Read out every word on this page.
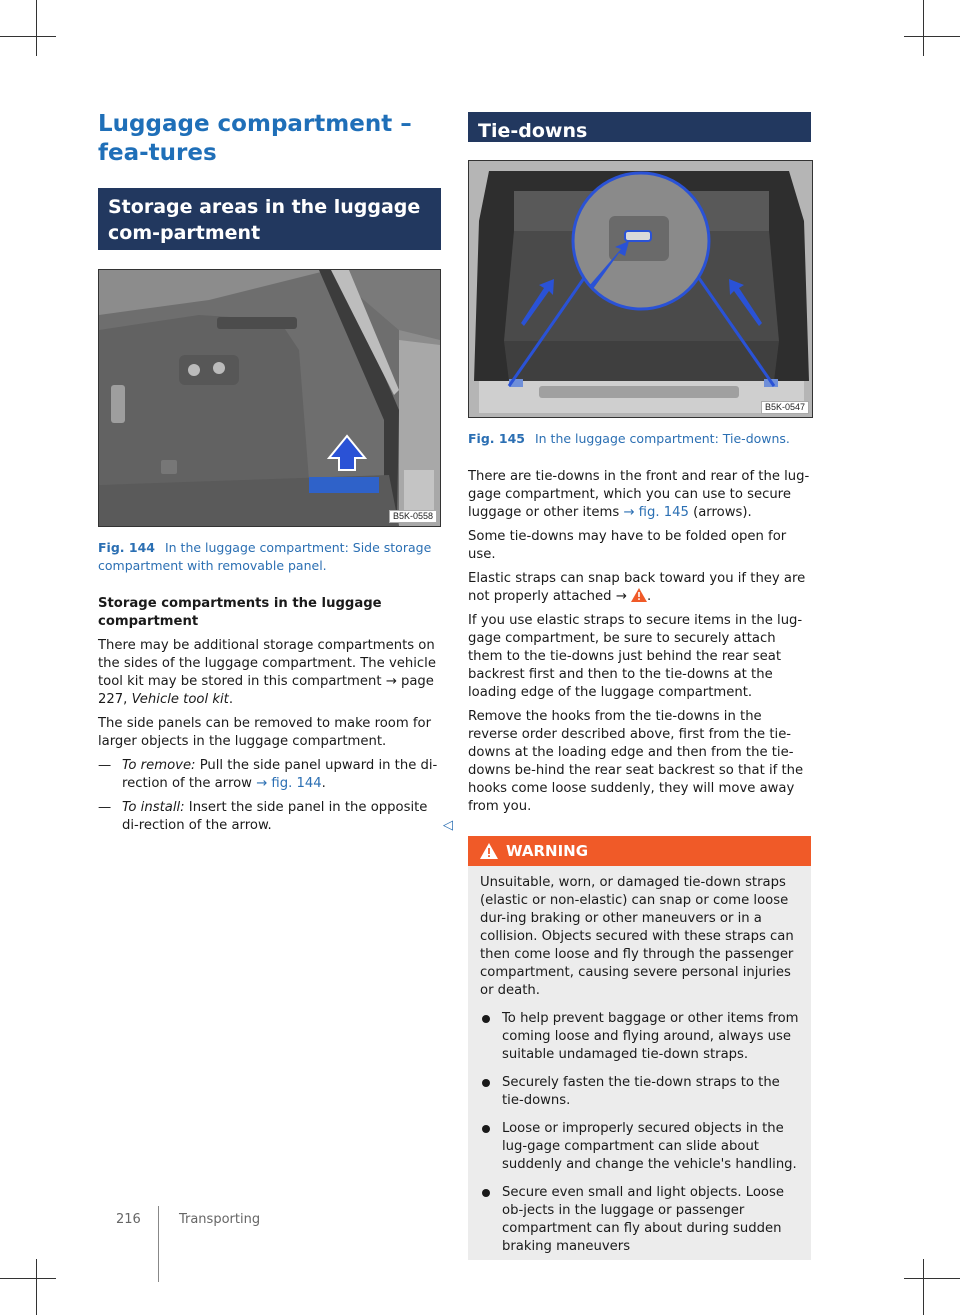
Luggage compartment – fea-tures
Storage areas in the luggage com-partment
B5K-0558
Fig. 144 In the luggage compartment: Side storage compartment with removable panel.
Storage compartments in the luggage compartment

There may be additional storage compartments on the sides of the luggage compartment. The vehicle tool kit may be stored in this compartment → page 227, Vehicle tool kit.

The side panels can be removed to make room for larger objects in the luggage compartment.

— To remove: Pull the side panel upward in the di-rection of the arrow → fig. 144.
— To install: Insert the side panel in the opposite di-rection of the arrow.	◁
Tie-downs
B5K-0547
Fig. 145 In the luggage compartment: Tie-downs.

There are tie-downs in the front and rear of the lug-gage compartment, which you can use to secure luggage or other items → fig. 145 (arrows).

Some tie-downs may have to be folded open for use.

Elastic straps can snap back toward you if they are not properly attached → .

If you use elastic straps to secure items in the lug-gage compartment, be sure to securely attach them to the tie-downs just behind the rear seat backrest first and then to the tie-downs at the loading edge of the luggage compartment.

Remove the hooks from the tie-downs in the reverse order described above, first from the tie-downs at the loading edge and then from the tie-downs be-hind the rear seat backrest so that if the hooks come loose suddenly, they will move away from you.

WARNING

Unsuitable, worn, or damaged tie-down straps (elastic or non-elastic) can snap or come loose dur-ing braking or other maneuvers or in a collision. Objects secured with these straps can then come loose and fly through the passenger compartment, causing severe personal injuries or death.

To help prevent baggage or other items from coming loose and flying around, always use suitable undamaged tie-down straps.
Securely fasten the tie-down straps to the tie-downs.
Loose or improperly secured objects in the lug-gage compartment can slide about suddenly and change the vehicle's handling.
Secure even small and light objects. Loose ob-jects in the luggage or passenger compartment can fly about during sudden braking maneuvers
216	Transporting
